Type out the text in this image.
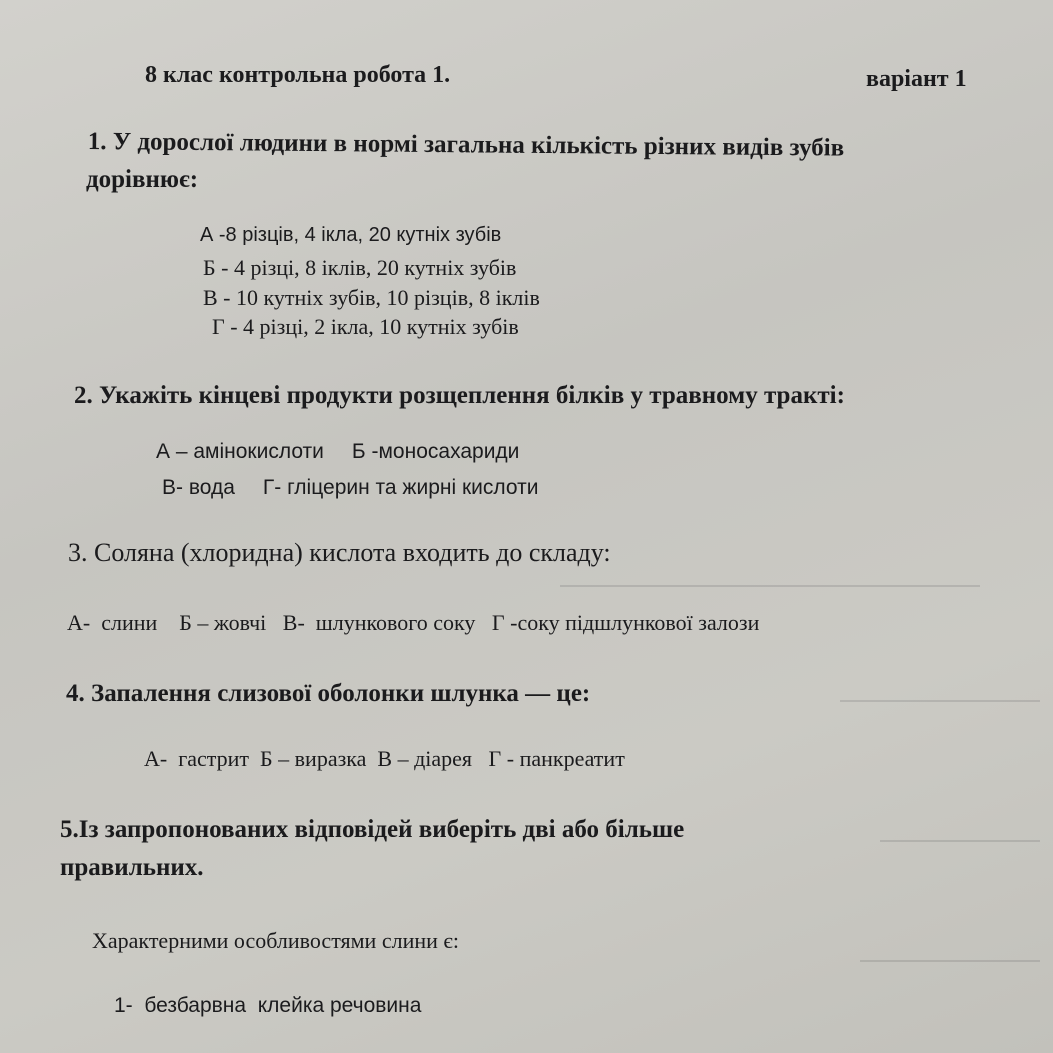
8 клас контрольна робота 1.	варіант 1
1. У дорослої людини в нормі загальна кількість різних видів зубів
дорівнює:
А -8 різців, 4 ікла, 20 кутніх зубів
Б - 4 різці, 8 іклів, 20 кутніх зубів
В - 10 кутніх зубів, 10 різців, 8 іклів
Г - 4 різці, 2 ікла, 10 кутніх зубів
2. Укажіть кінцеві продукти розщеплення білків у травному тракті:
А – амінокислоти Б -моносахариди
В- вода Г- гліцерин та жирні кислоти
3. Соляна (хлоридна) кислота входить до складу:
А-  слини    Б – жовчі   В-  шлункового соку   Г -соку підшлункової залози
4. Запалення слизової оболонки шлунка — це:
А-  гастрит  Б – виразка  В – діарея   Г - панкреатит
5.Із запропонованих відповідей виберіть дві або більше
правильних.
Характерними особливостями слини є:
1-  безбарвна  клейка речовина
